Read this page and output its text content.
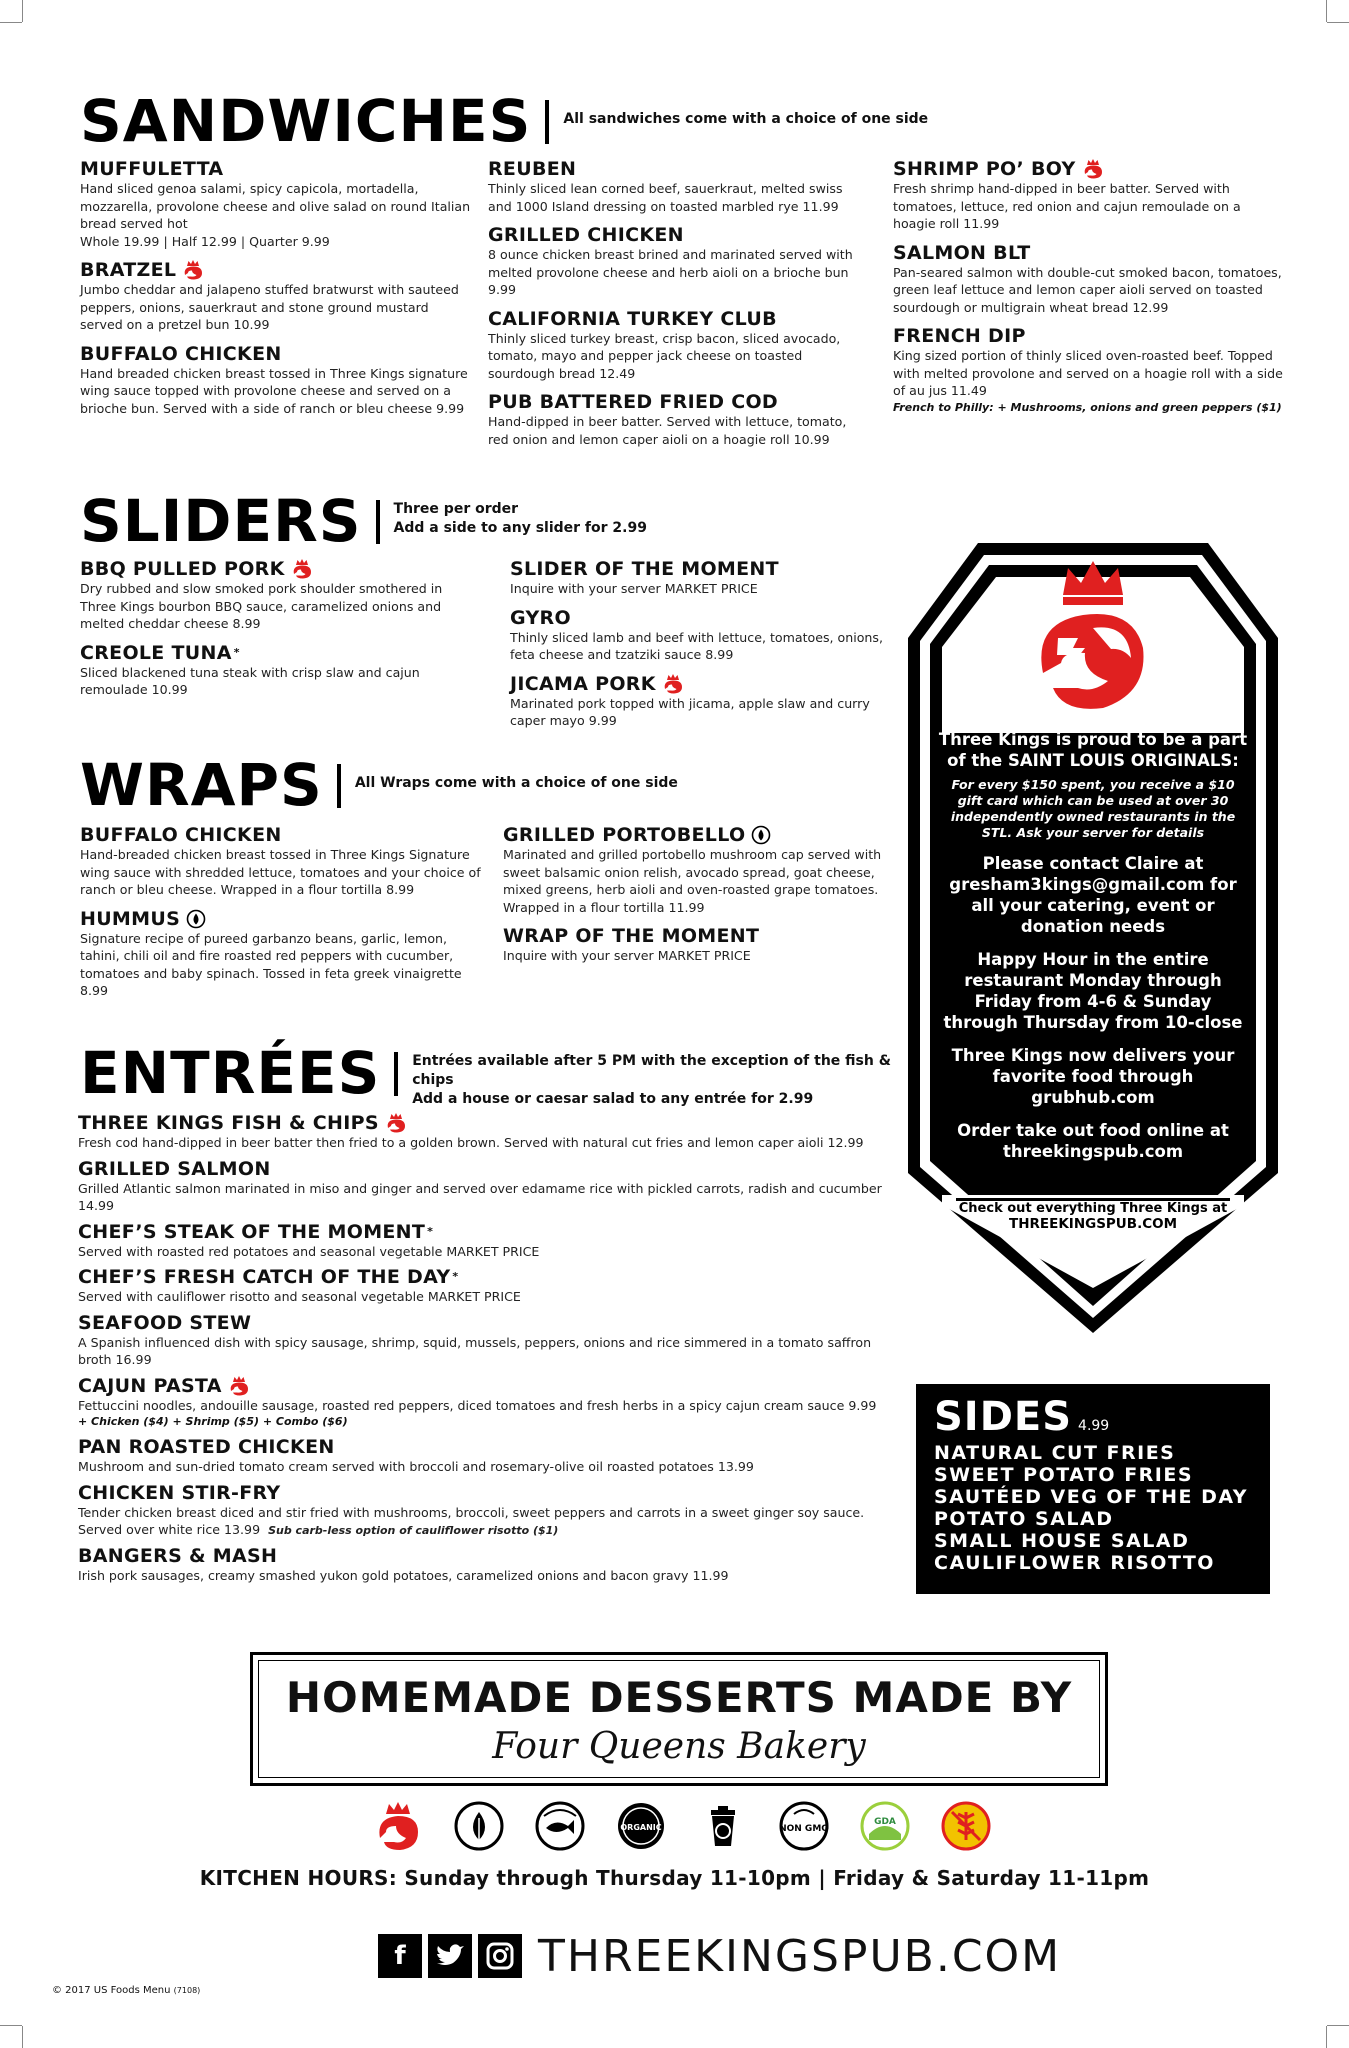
SANDWICHES All sandwiches come with a choice of one side
MUFFULETTA
Hand sliced genoa salami, spicy capicola, mortadella, mozzarella, provolone cheese and olive salad on round Italian bread served hot
Whole 19.99 | Half 12.99 | Quarter 9.99
BRATZEL
Jumbo cheddar and jalapeno stuffed bratwurst with sauteed peppers, onions, sauerkraut and stone ground mustard served on a pretzel bun 10.99
BUFFALO CHICKEN
Hand breaded chicken breast tossed in Three Kings signature wing sauce topped with provolone cheese and served on a brioche bun. Served with a side of ranch or bleu cheese 9.99
REUBEN
Thinly sliced lean corned beef, sauerkraut, melted swiss and 1000 Island dressing on toasted marbled rye 11.99
GRILLED CHICKEN
8 ounce chicken breast brined and marinated served with melted provolone cheese and herb aioli on a brioche bun 9.99
CALIFORNIA TURKEY CLUB
Thinly sliced turkey breast, crisp bacon, sliced avocado, tomato, mayo and pepper jack cheese on toasted sourdough bread 12.49
PUB BATTERED FRIED COD
Hand-dipped in beer batter. Served with lettuce, tomato, red onion and lemon caper aioli on a hoagie roll 10.99
SHRIMP PO’ BOY
Fresh shrimp hand-dipped in beer batter. Served with tomatoes, lettuce, red onion and cajun remoulade on a hoagie roll 11.99
SALMON BLT
Pan-seared salmon with double-cut smoked bacon, tomatoes, green leaf lettuce and lemon caper aioli served on toasted sourdough or multigrain wheat bread 12.99
FRENCH DIP
King sized portion of thinly sliced oven-roasted beef. Topped with melted provolone and served on a hoagie roll with a side of au jus 11.49
French to Philly: + Mushrooms, onions and green peppers ($1)
SLIDERS Three per order
Add a side to any slider for 2.99
BBQ PULLED PORK
Dry rubbed and slow smoked pork shoulder smothered in Three Kings bourbon BBQ sauce, caramelized onions and melted cheddar cheese 8.99
CREOLE TUNA *
Sliced blackened tuna steak with crisp slaw and cajun remoulade 10.99
SLIDER OF THE MOMENT
Inquire with your server MARKET PRICE
GYRO
Thinly sliced lamb and beef with lettuce, tomatoes, onions, feta cheese and tzatziki sauce 8.99
JICAMA PORK
Marinated pork topped with jicama, apple slaw and curry caper mayo 9.99
WRAPS All Wraps come with a choice of one side
BUFFALO CHICKEN
Hand-breaded chicken breast tossed in Three Kings Signature wing sauce with shredded lettuce, tomatoes and your choice of ranch or bleu cheese. Wrapped in a flour tortilla 8.99
HUMMUS
Signature recipe of pureed garbanzo beans, garlic, lemon, tahini, chili oil and fire roasted red peppers with cucumber, tomatoes and baby spinach. Tossed in feta greek vinaigrette 8.99
GRILLED PORTOBELLO
Marinated and grilled portobello mushroom cap served with sweet balsamic onion relish, avocado spread, goat cheese, mixed greens, herb aioli and oven-roasted grape tomatoes. Wrapped in a flour tortilla 11.99
WRAP OF THE MOMENT
Inquire with your server MARKET PRICE
ENTRÉES Entrées available after 5 PM with the exception of the fish & chips
Add a house or caesar salad to any entrée for 2.99
THREE KINGS FISH & CHIPS
Fresh cod hand-dipped in beer batter then fried to a golden brown. Served with natural cut fries and lemon caper aioli 12.99
GRILLED SALMON
Grilled Atlantic salmon marinated in miso and ginger and served over edamame rice with pickled carrots, radish and cucumber 14.99
CHEF’S STEAK OF THE MOMENT *
Served with roasted red potatoes and seasonal vegetable MARKET PRICE
CHEF’S FRESH CATCH OF THE DAY *
Served with cauliflower risotto and seasonal vegetable MARKET PRICE
SEAFOOD STEW
A Spanish influenced dish with spicy sausage, shrimp, squid, mussels, peppers, onions and rice simmered in a tomato saffron broth 16.99
CAJUN PASTA
Fettuccini noodles, andouille sausage, roasted red peppers, diced tomatoes and fresh herbs in a spicy cajun cream sauce 9.99
+ Chicken ($4) + Shrimp ($5) + Combo ($6)
PAN ROASTED CHICKEN
Mushroom and sun-dried tomato cream served with broccoli and rosemary-olive oil roasted potatoes 13.99
CHICKEN STIR-FRY
Tender chicken breast diced and stir fried with mushrooms, broccoli, sweet peppers and carrots in a sweet ginger soy sauce. Served over white rice 13.99 Sub carb-less option of cauliflower risotto ($1)
BANGERS & MASH
Irish pork sausages, creamy smashed yukon gold potatoes, caramelized onions and bacon gravy 11.99
Three Kings is proud to be a part of the SAINT LOUIS ORIGINALS:
For every $150 spent, you receive a $10 gift card which can be used at over 30 independently owned restaurants in the STL. Ask your server for details
Please contact Claire at gresham3kings@gmail.com for all your catering, event or donation needs
Happy Hour in the entire restaurant Monday through Friday from 4-6 & Sunday through Thursday from 10-close
Three Kings now delivers your favorite food through grubhub.com
Order take out food online at threekingspub.com
Check out everything Three Kings at
THREEKINGSPUB.COM
SIDES 4.99
NATURAL CUT FRIES
SWEET POTATO FRIES
SAUTÉED VEG OF THE DAY
POTATO SALAD
SMALL HOUSE SALAD
CAULIFLOWER RISOTTO
HOMEMADE DESSERTS MADE BY
Four Queens Bakery
ORGANIC	NON GMO
GDA
KITCHEN HOURS: Sunday through Thursday 11-10pm | Friday & Saturday 11-11pm
f	THREEKINGSPUB.COM
© 2017 US Foods Menu (7108)
